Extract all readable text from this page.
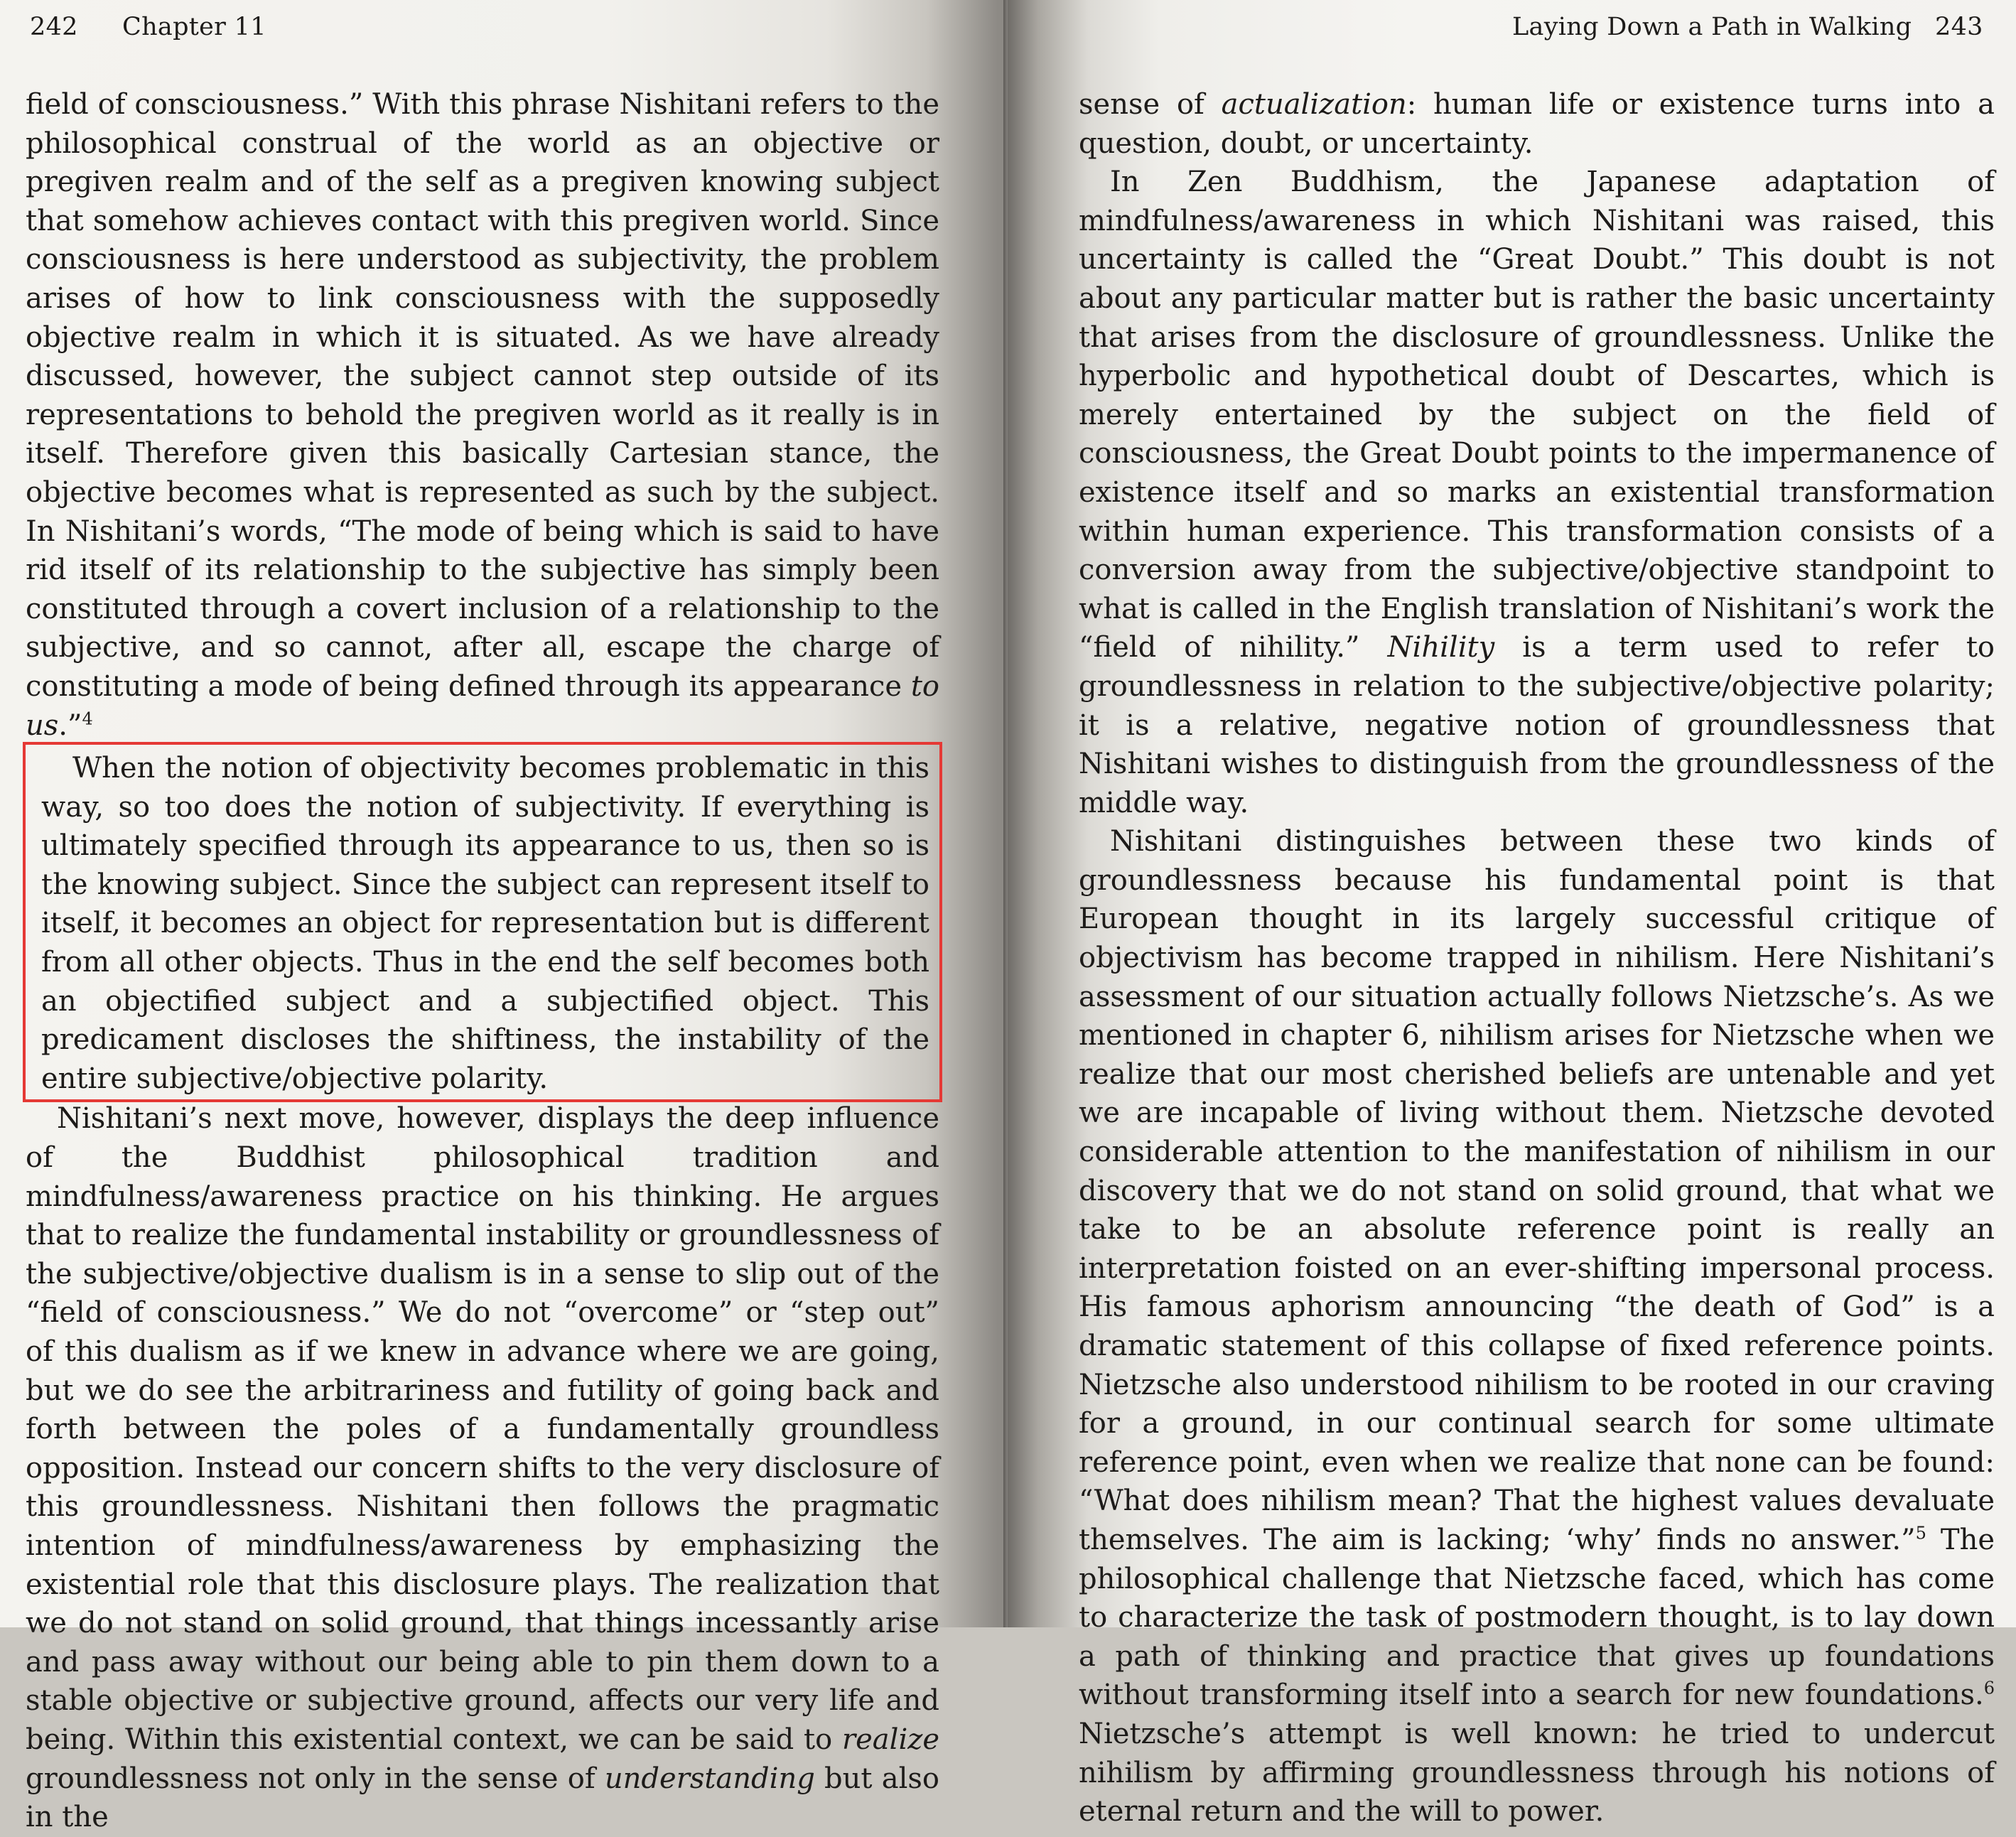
242 Chapter 11

field of consciousness.” With this phrase Nishitani refers to the philosophical construal of the world as an objective or pregiven realm and of the self as a pregiven knowing subject that somehow achieves contact with this pregiven world. Since consciousness is here understood as subjectivity, the problem arises of how to link consciousness with the supposedly objective realm in which it is situated. As we have already discussed, however, the subject cannot step outside of its representations to behold the pregiven world as it really is in itself. Therefore given this basically Cartesian stance, the objective becomes what is represented as such by the subject. In Nishitani’s words, “The mode of being which is said to have rid itself of its relationship to the subjective has simply been constituted through a covert inclusion of a relationship to the subjective, and so cannot, after all, escape the charge of constituting a mode of being defined through its appearance to us.”$^4$

When the notion of objectivity becomes problematic in this way, so too does the notion of subjectivity. If everything is ultimately specified through its appearance to us, then so is the knowing subject. Since the subject can represent itself to itself, it becomes an object for representation but is different from all other objects. Thus in the end the self becomes both an objectified subject and a subjectified object. This predicament discloses the shiftiness, the instability of the entire subjective/objective polarity.

Nishitani’s next move, however, displays the deep influence of the Buddhist philosophical tradition and mindfulness/awareness practice on his thinking. He argues that to realize the fundamental instability or groundlessness of the subjective/objective dualism is in a sense to slip out of the “field of consciousness.” We do not “overcome” or “step out” of this dualism as if we knew in advance where we are going, but we do see the arbitrariness and futility of going back and forth between the poles of a fundamentally groundless opposition. Instead our concern shifts to the very disclosure of this groundlessness. Nishitani then follows the pragmatic intention of mindfulness/awareness by emphasizing the existential role that this disclosure plays. The realization that we do not stand on solid ground, that things incessantly arise and pass away without our being able to pin them down to a stable objective or subjective ground, affects our very life and being. Within this existential context, we can be said to realize groundlessness not only in the sense of understanding but also in the

Laying Down a Path in Walking 243

sense of actualization: human life or existence turns into a question, doubt, or uncertainty.

In Zen Buddhism, the Japanese adaptation of mindfulness/awareness in which Nishitani was raised, this uncertainty is called the “Great Doubt.” This doubt is not about any particular matter but is rather the basic uncertainty that arises from the disclosure of groundlessness. Unlike the hyperbolic and hypothetical doubt of Descartes, which is merely entertained by the subject on the field of consciousness, the Great Doubt points to the impermanence of existence itself and so marks an existential transformation within human experience. This transformation consists of a conversion away from the subjective/objective standpoint to what is called in the English translation of Nishitani’s work the “field of nihility.” Nihility is a term used to refer to groundlessness in relation to the subjective/objective polarity; it is a relative, negative notion of groundlessness that Nishitani wishes to distinguish from the groundlessness of the middle way.

Nishitani distinguishes between these two kinds of groundlessness because his fundamental point is that European thought in its largely successful critique of objectivism has become trapped in nihilism. Here Nishitani’s assessment of our situation actually follows Nietzsche’s. As we mentioned in chapter 6, nihilism arises for Nietzsche when we realize that our most cherished beliefs are untenable and yet we are incapable of living without them. Nietzsche devoted considerable attention to the manifestation of nihilism in our discovery that we do not stand on solid ground, that what we take to be an absolute reference point is really an interpretation foisted on an ever-shifting impersonal process. His famous aphorism announcing “the death of God” is a dramatic statement of this collapse of fixed reference points. Nietzsche also understood nihilism to be rooted in our craving for a ground, in our continual search for some ultimate reference point, even when we realize that none can be found: “What does nihilism mean? That the highest values devaluate themselves. The aim is lacking; ‘why’ finds no answer.”$^5$ The philosophical challenge that Nietzsche faced, which has come to characterize the task of postmodern thought, is to lay down a path of thinking and practice that gives up foundations without transforming itself into a search for new foundations.$^6$ Nietzsche’s attempt is well known: he tried to undercut nihilism by affirming groundlessness through his notions of eternal return and the will to power.
